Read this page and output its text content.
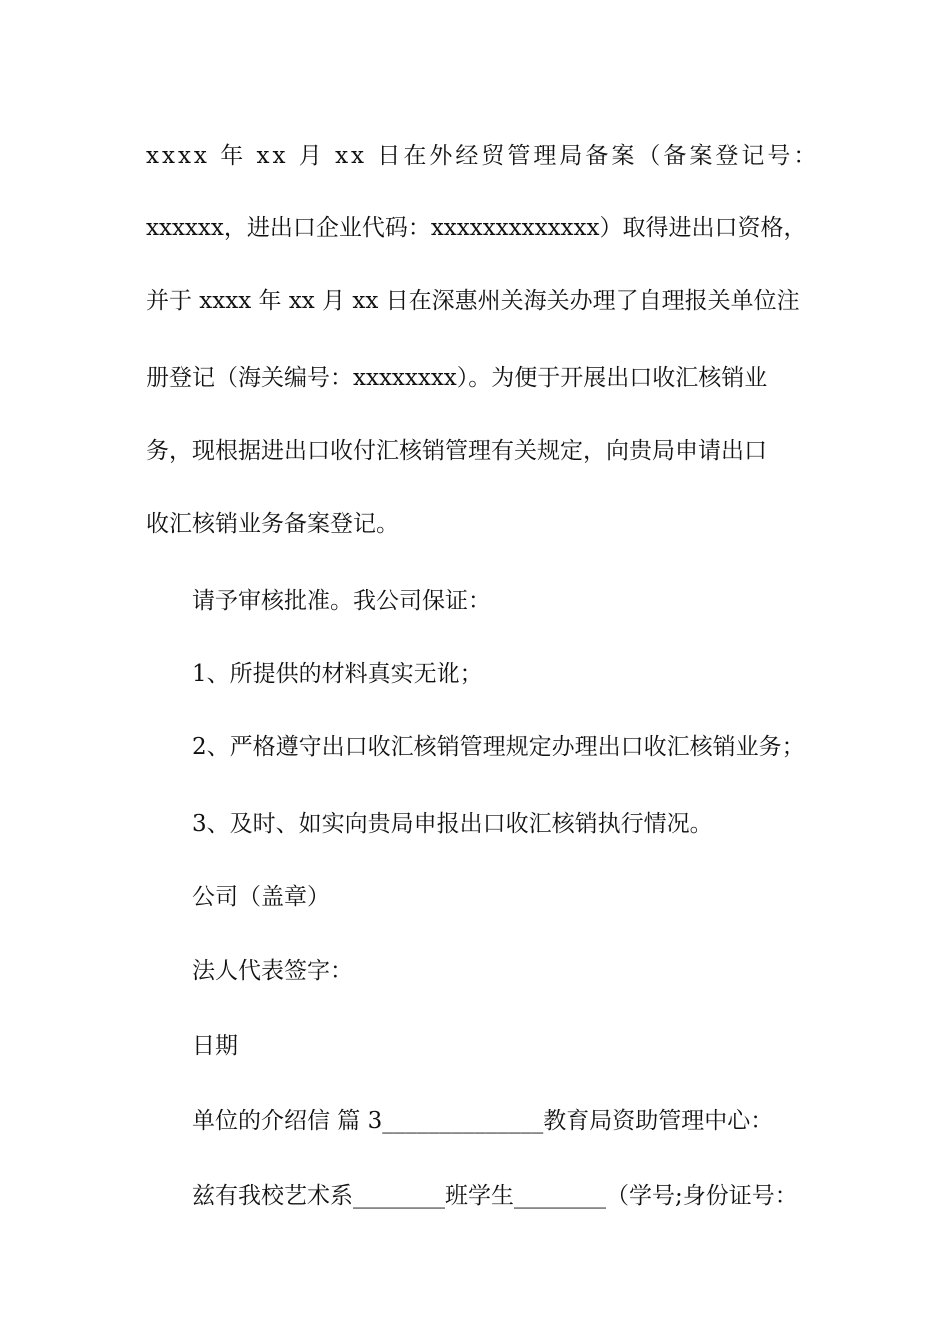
xxxx 年 xx 月 xx 日在外经贸管理局备案（备案登记号：
xxxxxx，进出口企业代码：xxxxxxxxxxxxx）取得进出口资格，
并于 xxxx 年 xx 月 xx 日在深惠州关海关办理了自理报关单位注
册登记（海关编号：xxxxxxxx）。为便于开展出口收汇核销业
务，现根据进出口收付汇核销管理有关规定，向贵局申请出口
收汇核销业务备案登记。
请予审核批准。我公司保证：
1、所提供的材料真实无讹；
2、严格遵守出口收汇核销管理规定办理出口收汇核销业务；
3、及时、如实向贵局申报出口收汇核销执行情况。
公司（盖章）
法人代表签字：
日期
单位的介绍信 篇 3______________教育局资助管理中心：
兹有我校艺术系________班学生________（学号;身份证号：
